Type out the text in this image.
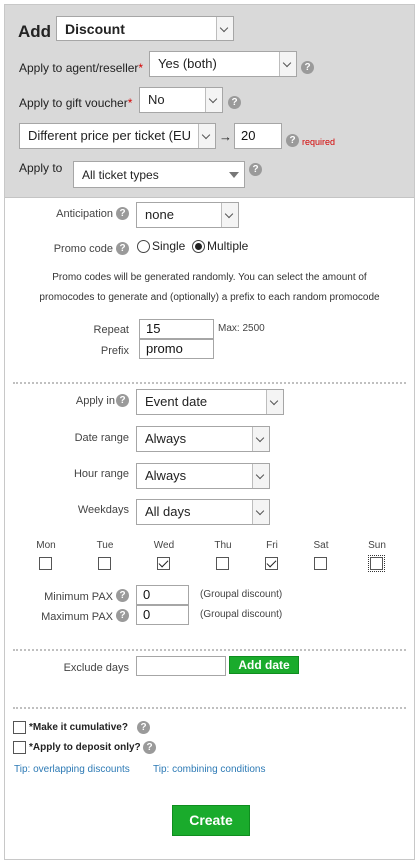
Add Discount
Apply to agent/reseller*	Yes (both)	?
Apply to gift voucher*	No	?
Different price per ticket (EU	→ 20	? required
Apply to	All ticket types	?
Anticipation ?	none
Promo code ? Single Multiple
Promo codes will be generated randomly. You can select the amount of
promocodes to generate and (optionally) a prefix to each random promocode
Repeat	15	Max: 2500
Prefix	promo
Apply in ?	Event date
Date range	Always
Hour range	Always
Weekdays	All days
Mon	Tue	Wed	Thu	Fri	Sat	Sun
Minimum PAX ?	0	(Groupal discount)
Maximum PAX ?	0	(Groupal discount)
Exclude days	Add date
*Make it cumulative?	?
*Apply to deposit only? ?
Tip: overlapping discounts Tip: combining conditions
Create
